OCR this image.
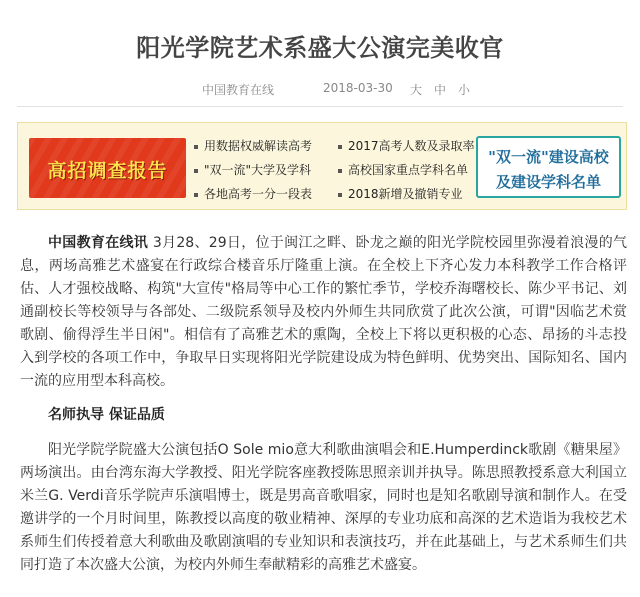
阳光学院艺术系盛大公演完美收官
中国教育在线	2018-03-30 大 中 小
高招调查报告
用数据权威解读高考	2017高考人数及录取率
"双一流"大学及学科	高校国家重点学科名单
各地高考一分一段表	2018新增及撤销专业
"双一流"建设高校
及建设学科名单

中国教育在线讯 3月28、29日，位于闽江之畔、卧龙之巅的阳光学院校园里弥漫着浪漫的气息，两场高雅艺术盛宴在行政综合楼音乐厅隆重上演。在全校上下齐心发力本科教学工作合格评估、人才强校战略、构筑"大宣传"格局等中心工作的繁忙季节，学校乔海曙校长、陈少平书记、刘通副校长等校领导与各部处、二级院系领导及校内外师生共同欣赏了此次公演，可谓"因临艺术赏歌剧、偷得浮生半日闲"。相信有了高雅艺术的熏陶，全校上下将以更积极的心态、昂扬的斗志投入到学校的各项工作中，争取早日实现将阳光学院建设成为特色鲜明、优势突出、国际知名、国内一流的应用型本科高校。

名师执导 保证品质

阳光学院学院盛大公演包括O Sole mio意大利歌曲演唱会和E.Humperdinck歌剧《糖果屋》两场演出。由台湾东海大学教授、阳光学院客座教授陈思照亲训并执导。陈思照教授系意大利国立米兰G. Verdi音乐学院声乐演唱博士，既是男高音歌唱家，同时也是知名歌剧导演和制作人。在受邀讲学的一个月时间里，陈教授以高度的敬业精神、深厚的专业功底和高深的艺术造诣为我校艺术系师生们传授着意大利歌曲及歌剧演唱的专业知识和表演技巧，并在此基础上，与艺术系师生们共同打造了本次盛大公演，为校内外师生奉献精彩的高雅艺术盛宴。
